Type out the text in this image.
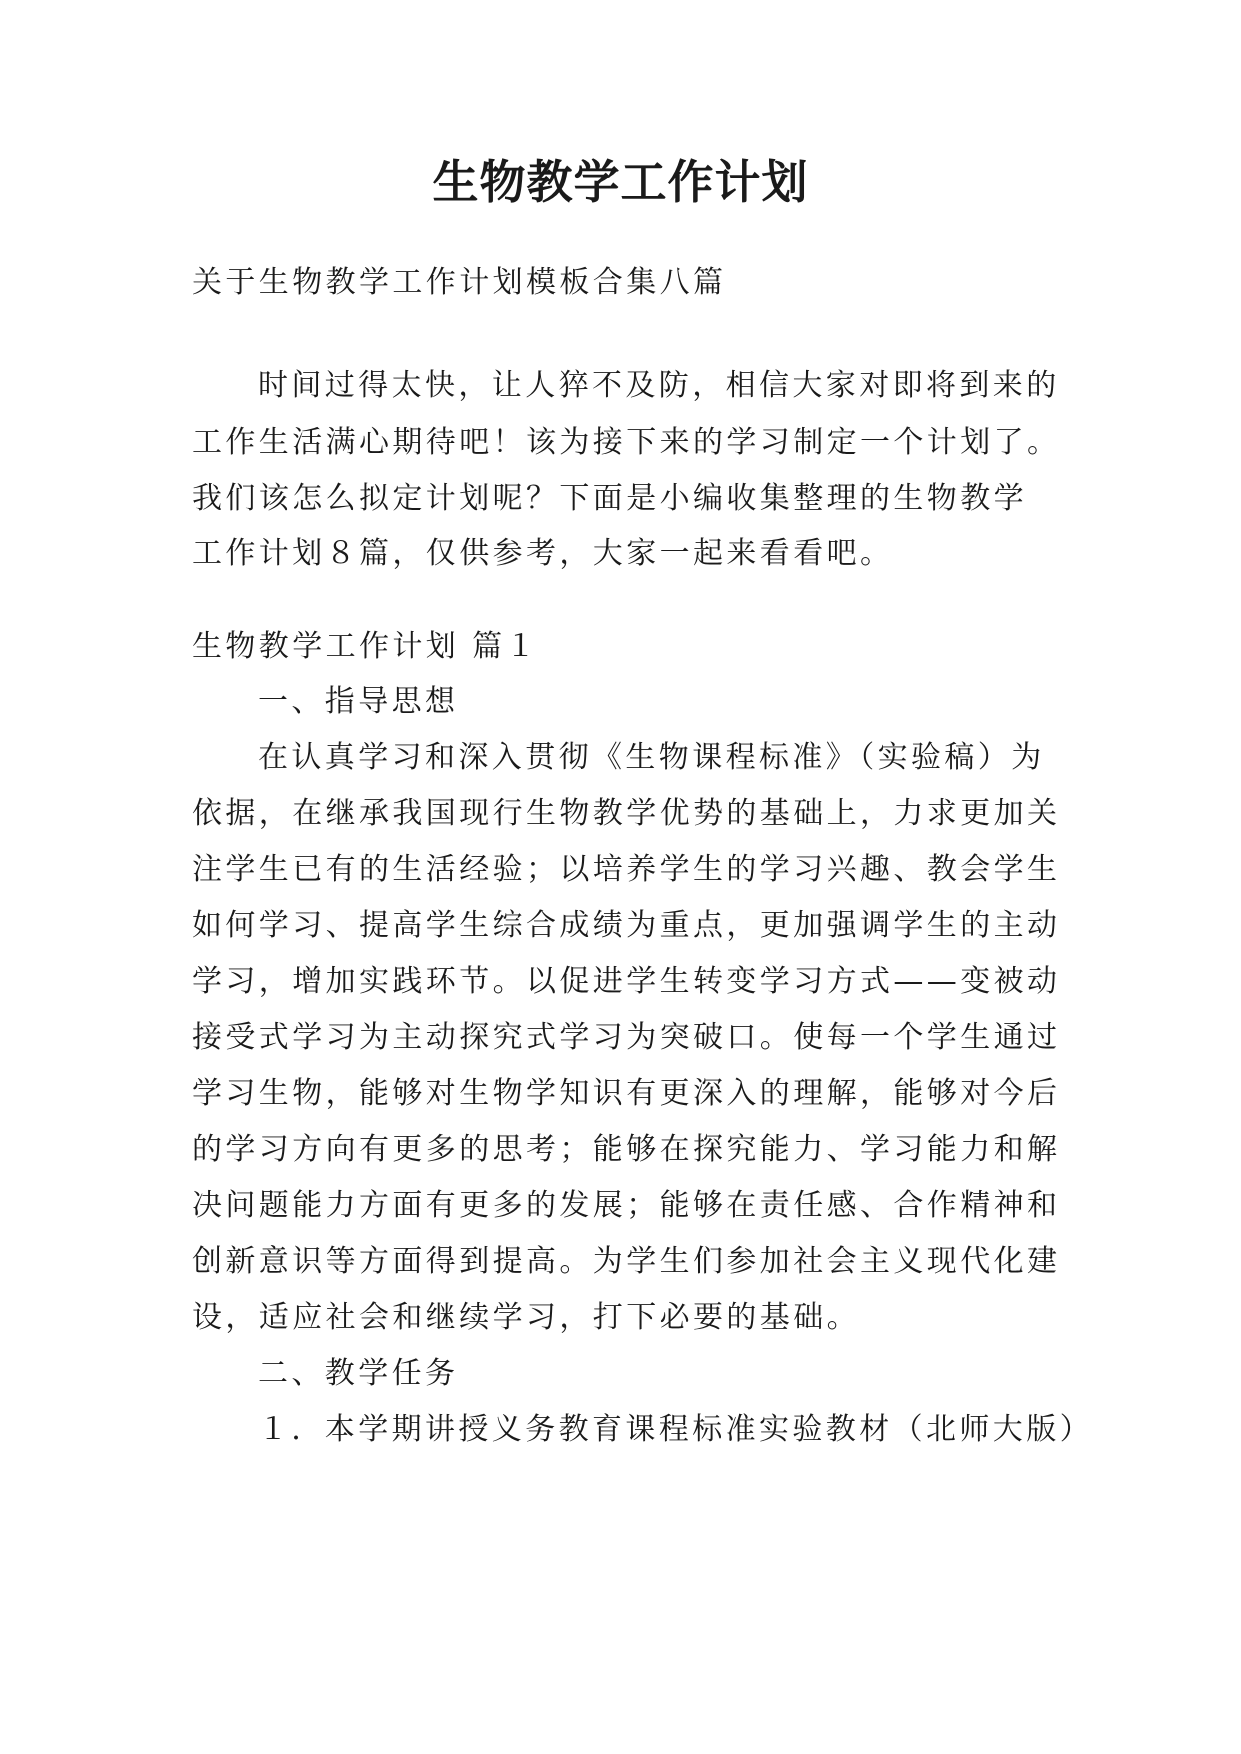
生物教学工作计划
关于生物教学工作计划模板合集八篇
时间过得太快，让人猝不及防，相信大家对即将到来的
工作生活满心期待吧！该为接下来的学习制定一个计划了。
我们该怎么拟定计划呢？下面是小编收集整理的生物教学
工作计划８篇，仅供参考，大家一起来看看吧。
生物教学工作计划 篇１
一、指导思想
在认真学习和深入贯彻《生物课程标准》（实验稿）为
依据，在继承我国现行生物教学优势的基础上，力求更加关
注学生已有的生活经验；以培养学生的学习兴趣、教会学生
如何学习、提高学生综合成绩为重点，更加强调学生的主动
学习，增加实践环节。以促进学生转变学习方式——变被动
接受式学习为主动探究式学习为突破口。使每一个学生通过
学习生物，能够对生物学知识有更深入的理解，能够对今后
的学习方向有更多的思考；能够在探究能力、学习能力和解
决问题能力方面有更多的发展；能够在责任感、合作精神和
创新意识等方面得到提高。为学生们参加社会主义现代化建
设，适应社会和继续学习，打下必要的基础。
二、教学任务
１．本学期讲授义务教育课程标准实验教材（北师大版）
